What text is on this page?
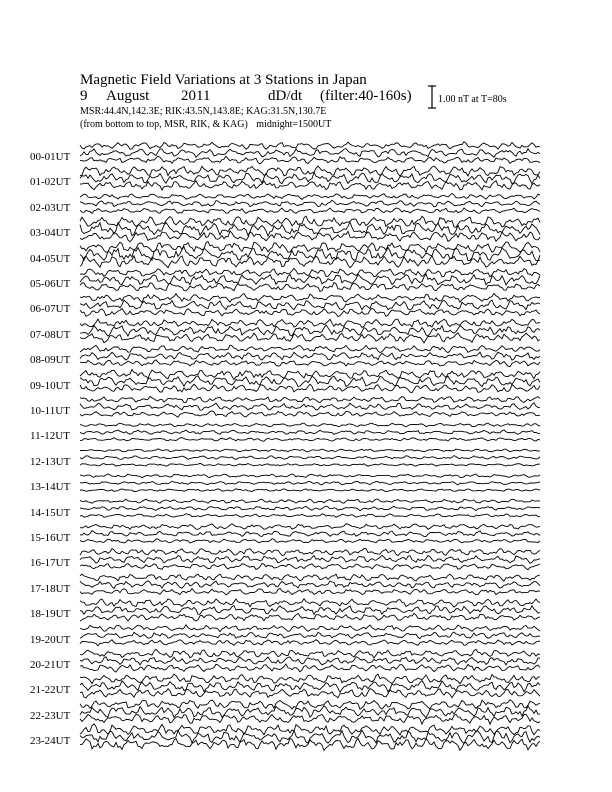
Magnetic Field Variations at 3 Stations in Japan
9 August 2011	dD/dt (filter:40-160s)
MSR:44.4N,142.3E; RIK:43.5N,143.8E; KAG:31.5N,130.7E
(from bottom to top, MSR, RIK, & KAG) midnight=1500UT
1.00 nT at T=80s
00-01UT
01-02UT
02-03UT
03-04UT
04-05UT
05-06UT
06-07UT
07-08UT
08-09UT
09-10UT
10-11UT
11-12UT
12-13UT
13-14UT
14-15UT
15-16UT
16-17UT
17-18UT
18-19UT
19-20UT
20-21UT
21-22UT
22-23UT
23-24UT
